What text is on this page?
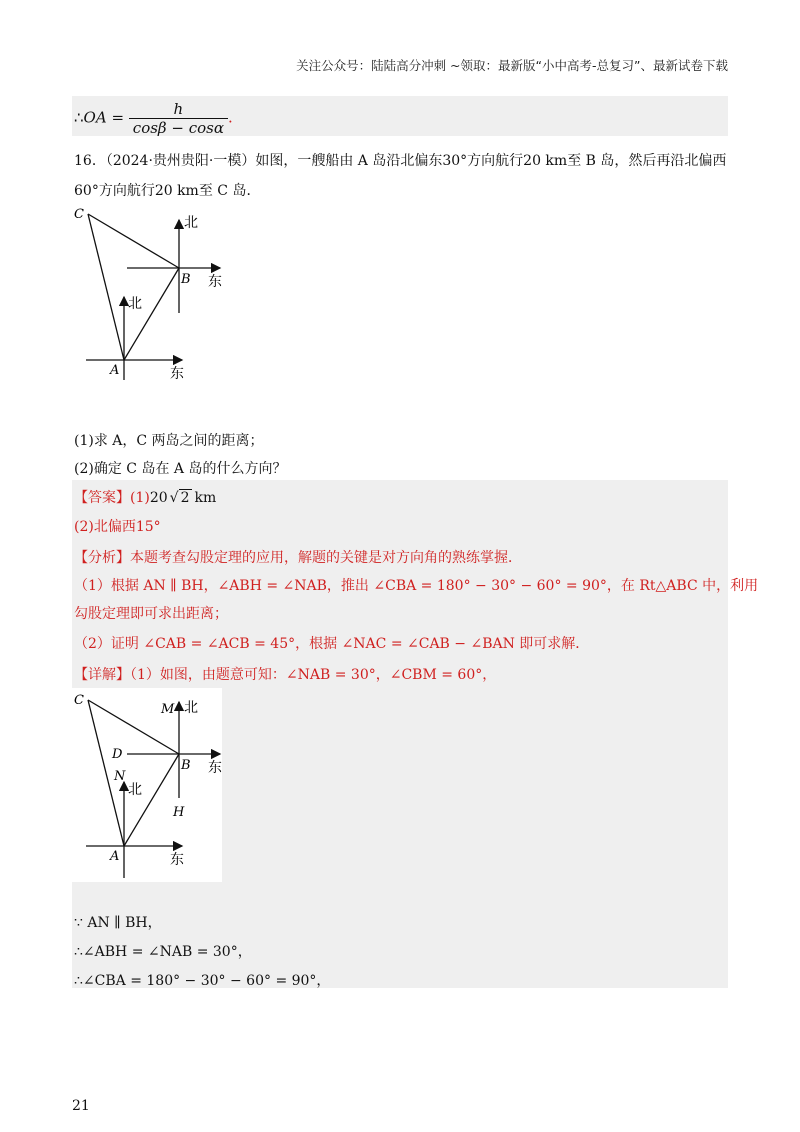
关注公众号：陆陆高分冲刺 ~领取：最新版“小中高考-总复习”、最新试卷下载
∴OA = $\frac{h}{\cos\beta - \cos\alpha}$ .
16．（2024·贵州贵阳·一模）如图，一艘船由 A 岛沿北偏东30°方向航行20 km至 B 岛，然后再沿北偏西
60°方向航行20 km至 C 岛．
C
B
A
北
东
北
东
(1)求 A，C 两岛之间的距离；
(2)确定 C 岛在 A 岛的什么方向？
【答案】(1)20 √ 2 km
(2)北偏西15°
【分析】本题考查勾股定理的应用，解题的关键是对方向角的熟练掌握．
（1）根据 AN ∥ BH，∠ABH = ∠NAB，推出 ∠CBA = 180° − 30° − 60° = 90°，在 Rt△ABC 中，利用
勾股定理即可求出距离；
（2）证明 ∠CAB = ∠ACB = 45°，根据 ∠NAC = ∠CAB − ∠BAN 即可求解．
【详解】（1）如图，由题意可知：∠NAB = 30°，∠CBM = 60°，
C
M
D
B
N
H
A
北
东
北
东
∵ AN ∥ BH，
∴∠ABH = ∠NAB = 30°，
∴∠CBA = 180° − 30° − 60° = 90°，
21
